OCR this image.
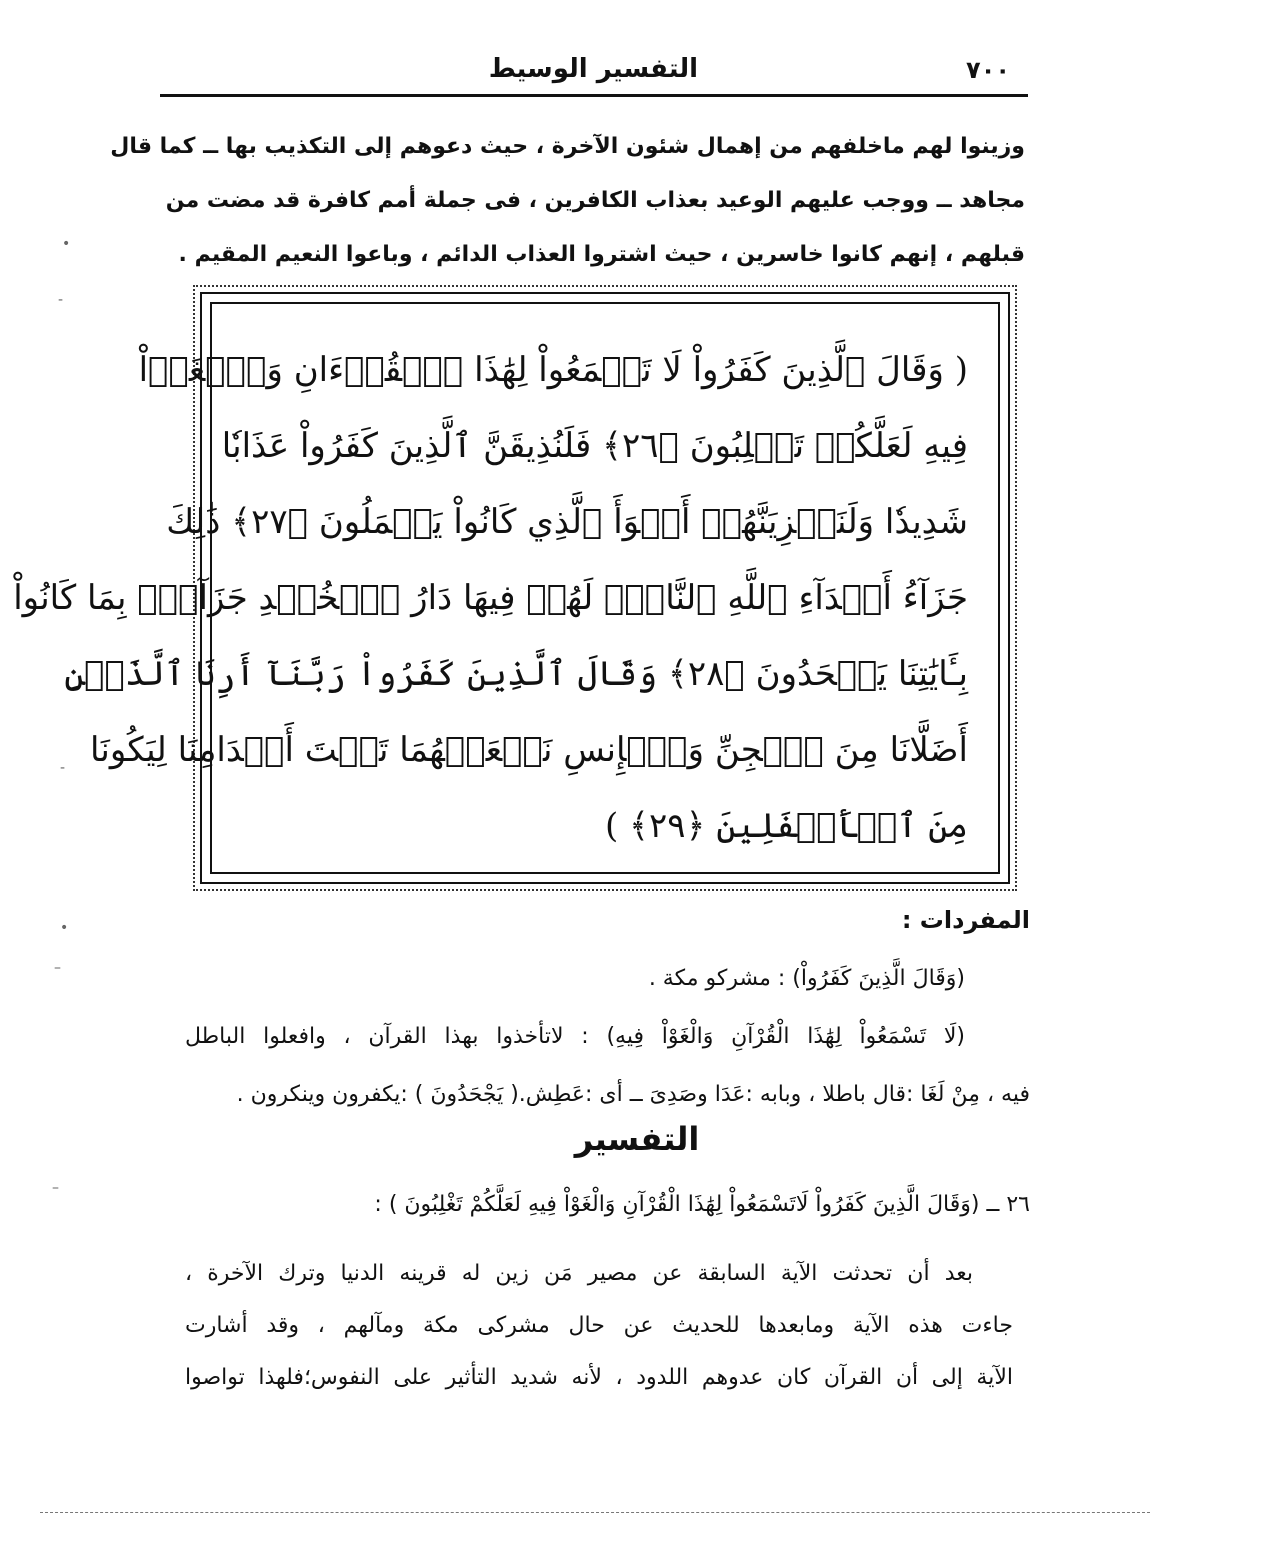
٧٠٠
التفسير الوسيط
وزينوا لهم ماخلفهم من إهمال شئون الآخرة ، حيث دعوهم إلى التكذيب بها ــ كما قال
مجاهد ــ ووجب عليهم الوعيد بعذاب الكافرين ، فى جملة أمم كافرة قد مضت من
قبلهم ، إنهم كانوا خاسرين ، حيث اشتروا العذاب الدائم ، وباعوا النعيم المقيم .
( وَقَالَ ٱلَّذِينَ كَفَرُواْ لَا تَسۡمَعُواْ لِهَٰذَا ٱلۡقُرۡءَانِ وَٱلۡغَوۡاْ
فِيهِ لَعَلَّكُمۡ تَغۡلِبُونَ ﴿٢٦﴾ فَلَنُذِيقَنَّ ٱلَّذِينَ كَفَرُواْ عَذَابٗا
شَدِيدٗا وَلَنَجۡزِيَنَّهُمۡ أَسۡوَأَ ٱلَّذِي كَانُواْ يَعۡمَلُونَ ﴿٢٧﴾ ذَٰلِكَ
جَزَآءُ أَعۡدَآءِ ٱللَّهِ ٱلنَّارُۖ لَهُمۡ فِيهَا دَارُ ٱلۡخُلۡدِ جَزَآءَۢ بِمَا كَانُواْ
بِـَٔايَٰتِنَا يَجۡحَدُونَ ﴿٢٨﴾ وَقَالَ ٱلَّذِينَ كَفَرُواْ رَبَّنَآ أَرِنَا ٱلَّذَيۡنِ
أَضَلَّانَا مِنَ ٱلۡجِنِّ وَٱلۡإِنسِ نَجۡعَلۡهُمَا تَحۡتَ أَقۡدَامِنَا لِيَكُونَا
مِنَ ٱلۡأَسۡفَلِينَ ﴿٢٩﴾ )
المفردات :
(وَقَالَ الَّذِينَ كَفَرُواْ) : مشركو مكة .
(لَا تَسْمَعُواْ لِهَٰذَا الْقُرْآنِ وَالْغَوْاْ فِيهِ) : لاتأخذوا بهذا القرآن ، وافعلوا الباطل
فيه ، مِنْ لَغَا :قال باطلا ، وبابه :عَدَا وصَدِىَ ــ أى :عَطِش.( يَجْحَدُونَ ) :يكفرون وينكرون .
التفسير
٢٦ ــ (وَقَالَ الَّذِينَ كَفَرُواْ لَاتَسْمَعُواْ لِهَٰذَا الْقُرْآنِ وَالْغَوْاْ فِيهِ لَعَلَّكُمْ تَغْلِبُونَ ) :
بعد أن تحدثت الآية السابقة عن مصير مَن زين له قرينه الدنيا وترك الآخرة ،
جاءت هذه الآية ومابعدها للحديث عن حال مشركى مكة ومآلهم ، وقد أشارت
الآية إلى أن القرآن كان عدوهم اللدود ، لأنه شديد التأثير على النفوس؛فلهذا تواصوا
•
-
-
•
–
–
